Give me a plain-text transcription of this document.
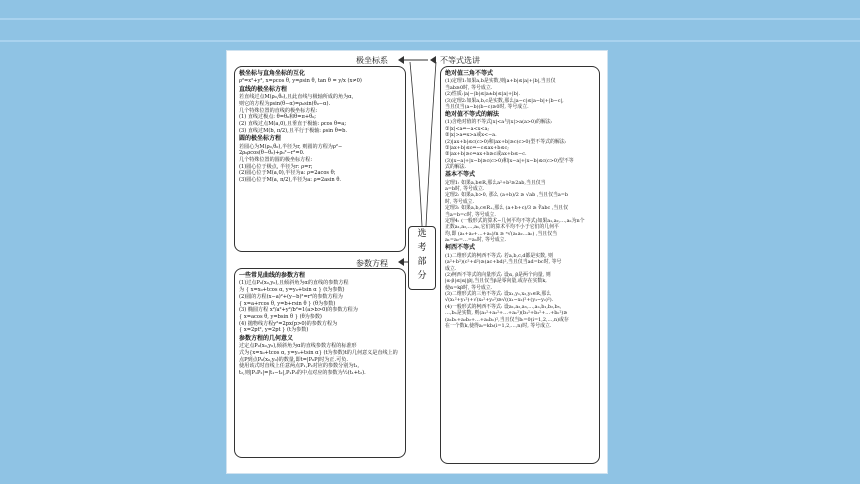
极坐标系	不等式选讲
参数方程
极坐标与直角坐标的互化

ρ²=x²+y², x=ρcos θ, y=ρsin θ, tan θ = y/x (x≠0)

直线的极坐标方程

若直线过点M(ρ₀,θ₀),且此直线与极轴所成的角为α,

则它的方程为ρsin(θ−α)=ρ₀sin(θ₀−α).

几个特殊位置的直线的极坐标方程:

(1) 直线过极点: θ=θ₀和θ=π+θ₀;

(2) 直线过点M(a,0),且垂直于极轴: ρcos θ=a;

(3) 直线过M(b, π/2),且平行于极轴: ρsin θ=b.

圆的极坐标方程

若圆心为M(ρ₀,θ₀),半径为r, 则圆的方程为ρ²−

2ρ₀ρcos(θ−θ₀)+ρ₀²−r²=0.

几个特殊位置的圆的极坐标方程:

(1)圆心位于极点, 半径为r: ρ=r;

(2)圆心位于M(a,0),半径为a: ρ=2acos θ;

(3)圆心位于M(a, π/2),半径为a: ρ=2asin θ.

一些常见曲线的参数方程

(1)过点P₀(x₀,y₀),且倾斜角为α的直线的参数方程

为 { x=x₀+tcos α, y=y₀+tsin α } (t为参数)

(2)圆的方程(x−a)²+(y−b)²=r²的参数方程为

{ x=a+rcos θ, y=b+rsin θ } (θ为参数)

(3) 椭圆方程 x²/a²+y²/b²=1(a>b>0)的参数方程为

{ x=acos θ, y=bsin θ } (θ为参数)

(4) 抛物线方程y²=2px(p>0)的参数方程为

{ x=2pt², y=2pt } (t为参数)

参数方程的几何意义

过定点P₀(x₀,y₀),倾斜角为α的直线参数方程的标准形

式为{x=x₀+tcos α, y=y₀+tsin α} (t为参数)t的几何意义是直线上的

点P到点P₀(x₀,y₀)的数量,即t=|P₀P|时为正.可负.

使用该式时直线上任意两点P₁,P₂对应的参数分别为t₁,

t₂,则|P₁P₂|=|t₁−t₂|,P₁P₂的中点对应的参数为½(t₁+t₂).

绝对值三角不等式

(1)定理1:如果a,b是实数,则|a+b|≤|a|+|b|,当且仅

当ab≥0时, 等号成立.

(2)性质:|a|−|b|≤|a±b|≤|a|+|b|.

(3)定理2:如果a,b,c是实数,那么|a−c|≤|a−b|+|b−c|,

当且仅当(a−b)(b−c)≥0时, 等号成立.

绝对值不等式的解法

(1)含绝对值的不等式|x|<a与|x|>a(a>0)的解法:

①|x|<a⇔−a<x<a;

②|x|>a⇔x>a或x<−a.

(2)|ax+b|≤c(c>0)和|ax+b|≥c(c>0)型不等式的解法:

①|ax+b|≤c⇔−c≤ax+b≤c;

②|ax+b|≥c⇔ax+b≥c或ax+b≤−c.

(3)|x−a|+|x−b|≥c(c>0)和|x−a|+|x−b|≤c(c>0)型不等

式的解法.

基本不等式

定理1: 如果a,b∈R,那么a²+b²≥2ab,当且仅当

a=b时, 等号成立.

定理2: 如果a,b>0, 那么 (a+b)/2 ≥ √ab ,当且仅当a=b

时, 等号成立.

定理3: 如果a,b,c∈R₊,那么 (a+b+c)/3 ≥ ∛abc ,当且仅

当a=b=c时, 等号成立.

定理4: (一般形式的算术−几何平均不等式)如果a₁,a₂,…,aₙ为n个

正数a₁,a₂,…,aₙ,它们的算术平均不小于它们的几何平

均,即 (a₁+a₂+…+aₙ)/n ≥ ⁿ√(a₁a₂…aₙ) ,当且仅当

a₁=a₂=…=aₙ时, 等号成立.

柯西不等式

(1)二维形式的柯西不等式: 若a,b,c,d都是实数, 则

(a²+b²)(c²+d²)≥(ac+bd)²,当且仅当ad=bc时, 等号

成立.

(2)柯西不等式的向量形式: 设α, β是两个向量, 则

|α·β|≤|α||β|,当且仅当β是零向量,或存在实数k,

使α=kβ时, 等号成立.

(3)二维形式的三角不等式: 设x₁,y₁,x₂,y₂∈R,那么

√(x₁²+y₁²)+√(x₂²+y₂²)≥√((x₁−x₂)²+(y₁−y₂)²).

(4)一般形式的柯西不等式: 设a₁,a₂,a₃,…,aₙ,b₁,b₂,b₃,

…,bₙ是实数, 则(a₁²+a₂²+…+aₙ²)(b₁²+b₂²+…+bₙ²)≥

(a₁b₁+a₂b₂+…+aₙbₙ)²,当且仅当bᵢ=0(i=1,2,…,n)或存

在一个数k,使得aᵢ=kbᵢ(i=1,2,…,n)时, 等号成立.

选
考
部
分
